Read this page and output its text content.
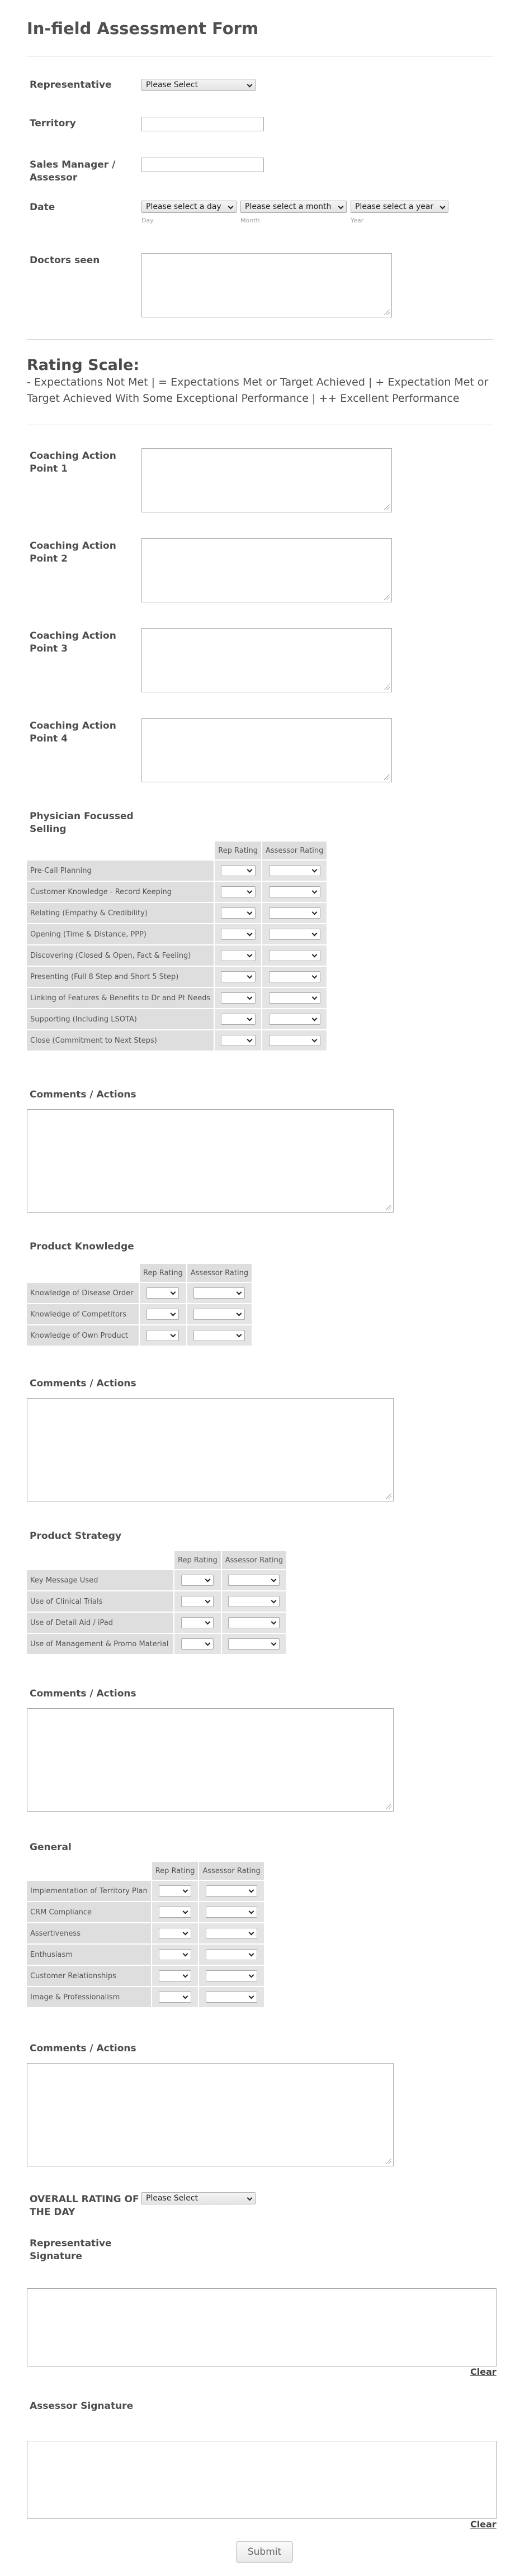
In-field Assessment Form
Representative	Please Select
Territory
Sales Manager / Assessor
Date	Please select a day	Please select a month	Please select a year
Day	Month	Year
Doctors seen
Rating Scale:
- Expectations Not Met | = Expectations Met or Target Achieved | + Expectation Met or Target Achieved With Some Exceptional Performance | ++ Excellent Performance
Coaching Action Point 1
Coaching Action Point 2
Coaching Action Point 3
Coaching Action Point 4
Physician Focussed Selling
	Rep Rating	Assessor Rating
Pre-Call Planning		
Customer Knowledge - Record Keeping		
Relating (Empathy & Credibility)		
Opening (Time & Distance, PPP)		
Discovering (Closed & Open, Fact & Feeling)		
Presenting (Full 8 Step and Short 5 Step)		
Linking of Features & Benefits to Dr and Pt Needs		
Supporting (Including LSOTA)		
Close (Commitment to Next Steps)		
Comments / Actions
Product Knowledge
	Rep Rating	Assessor Rating
Knowledge of Disease Order		
Knowledge of Competitors		
Knowledge of Own Product		
Comments / Actions
Product Strategy
	Rep Rating	Assessor Rating
Key Message Used		
Use of Clinical Trials		
Use of Detail Aid / iPad		
Use of Management & Promo Material		
Comments / Actions
General
	Rep Rating	Assessor Rating
Implementation of Territory Plan		
CRM Compliance		
Assertiveness		
Enthusiasm		
Customer Relationships		
Image & Professionalism		
Comments / Actions
OVERALL RATING OF THE DAY
Please Select
Representative Signature
Clear
Assessor Signature
Clear
Submit
